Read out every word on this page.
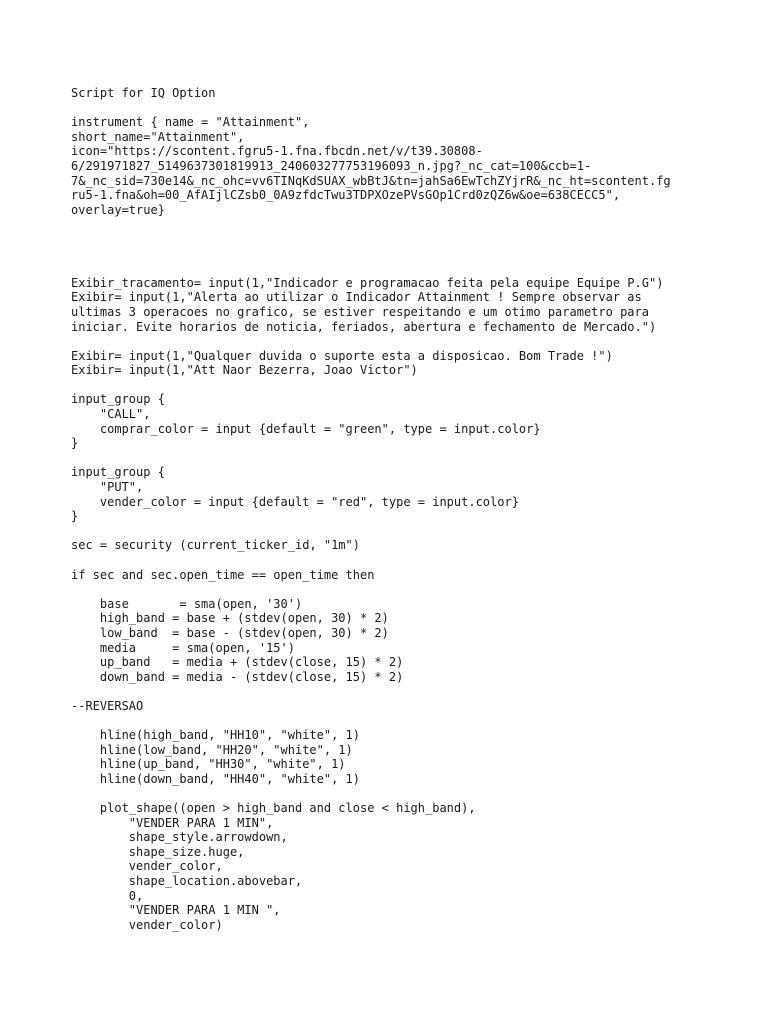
Script for IQ Option
instrument { name = "Attainment",
short_name="Attainment",
icon="https://scontent.fgru5-1.fna.fbcdn.net/v/t39.30808-
6/291971827_5149637301819913_240603277753196093_n.jpg?_nc_cat=100&ccb=1-
7&_nc_sid=730e14&_nc_ohc=vv6TINqKdSUAX_wbBtJ&tn=jahSa6EwTchZYjrR&_nc_ht=scontent.fg
ru5-1.fna&oh=00_AfAIjlCZsb0_0A9zfdcTwu3TDPXOzePVsGOp1Crd0zQZ6w&oe=638CECC5",
overlay=true}
Exibir_tracamento= input(1,"Indicador e programacao feita pela equipe Equipe P.G")
Exibir= input(1,"Alerta ao utilizar o Indicador Attainment ! Sempre observar as
ultimas 3 operacoes no grafico, se estiver respeitando e um otimo parametro para
iniciar. Evite horarios de noticia, feriados, abertura e fechamento de Mercado.")
Exibir= input(1,"Qualquer duvida o suporte esta a disposicao. Bom Trade !")
Exibir= input(1,"Att Naor Bezerra, Joao Victor")
input_group {
"CALL",
comprar_color = input {default = "green", type = input.color}
}
input_group {
"PUT",
vender_color = input {default = "red", type = input.color}
}
sec = security (current_ticker_id, "1m")
if sec and sec.open_time == open_time then
base       = sma(open, '30')
high_band = base + (stdev(open, 30) * 2)
low_band  = base - (stdev(open, 30) * 2)
media     = sma(open, '15')
up_band   = media + (stdev(close, 15) * 2)
down_band = media - (stdev(close, 15) * 2)
--REVERSAO
hline(high_band, "HH10", "white", 1)
hline(low_band, "HH20", "white", 1)
hline(up_band, "HH30", "white", 1)
hline(down_band, "HH40", "white", 1)
plot_shape((open > high_band and close < high_band),
"VENDER PARA 1 MIN",
shape_style.arrowdown,
shape_size.huge,
vender_color,
shape_location.abovebar,
0,
"VENDER PARA 1 MIN ",
vender_color)
